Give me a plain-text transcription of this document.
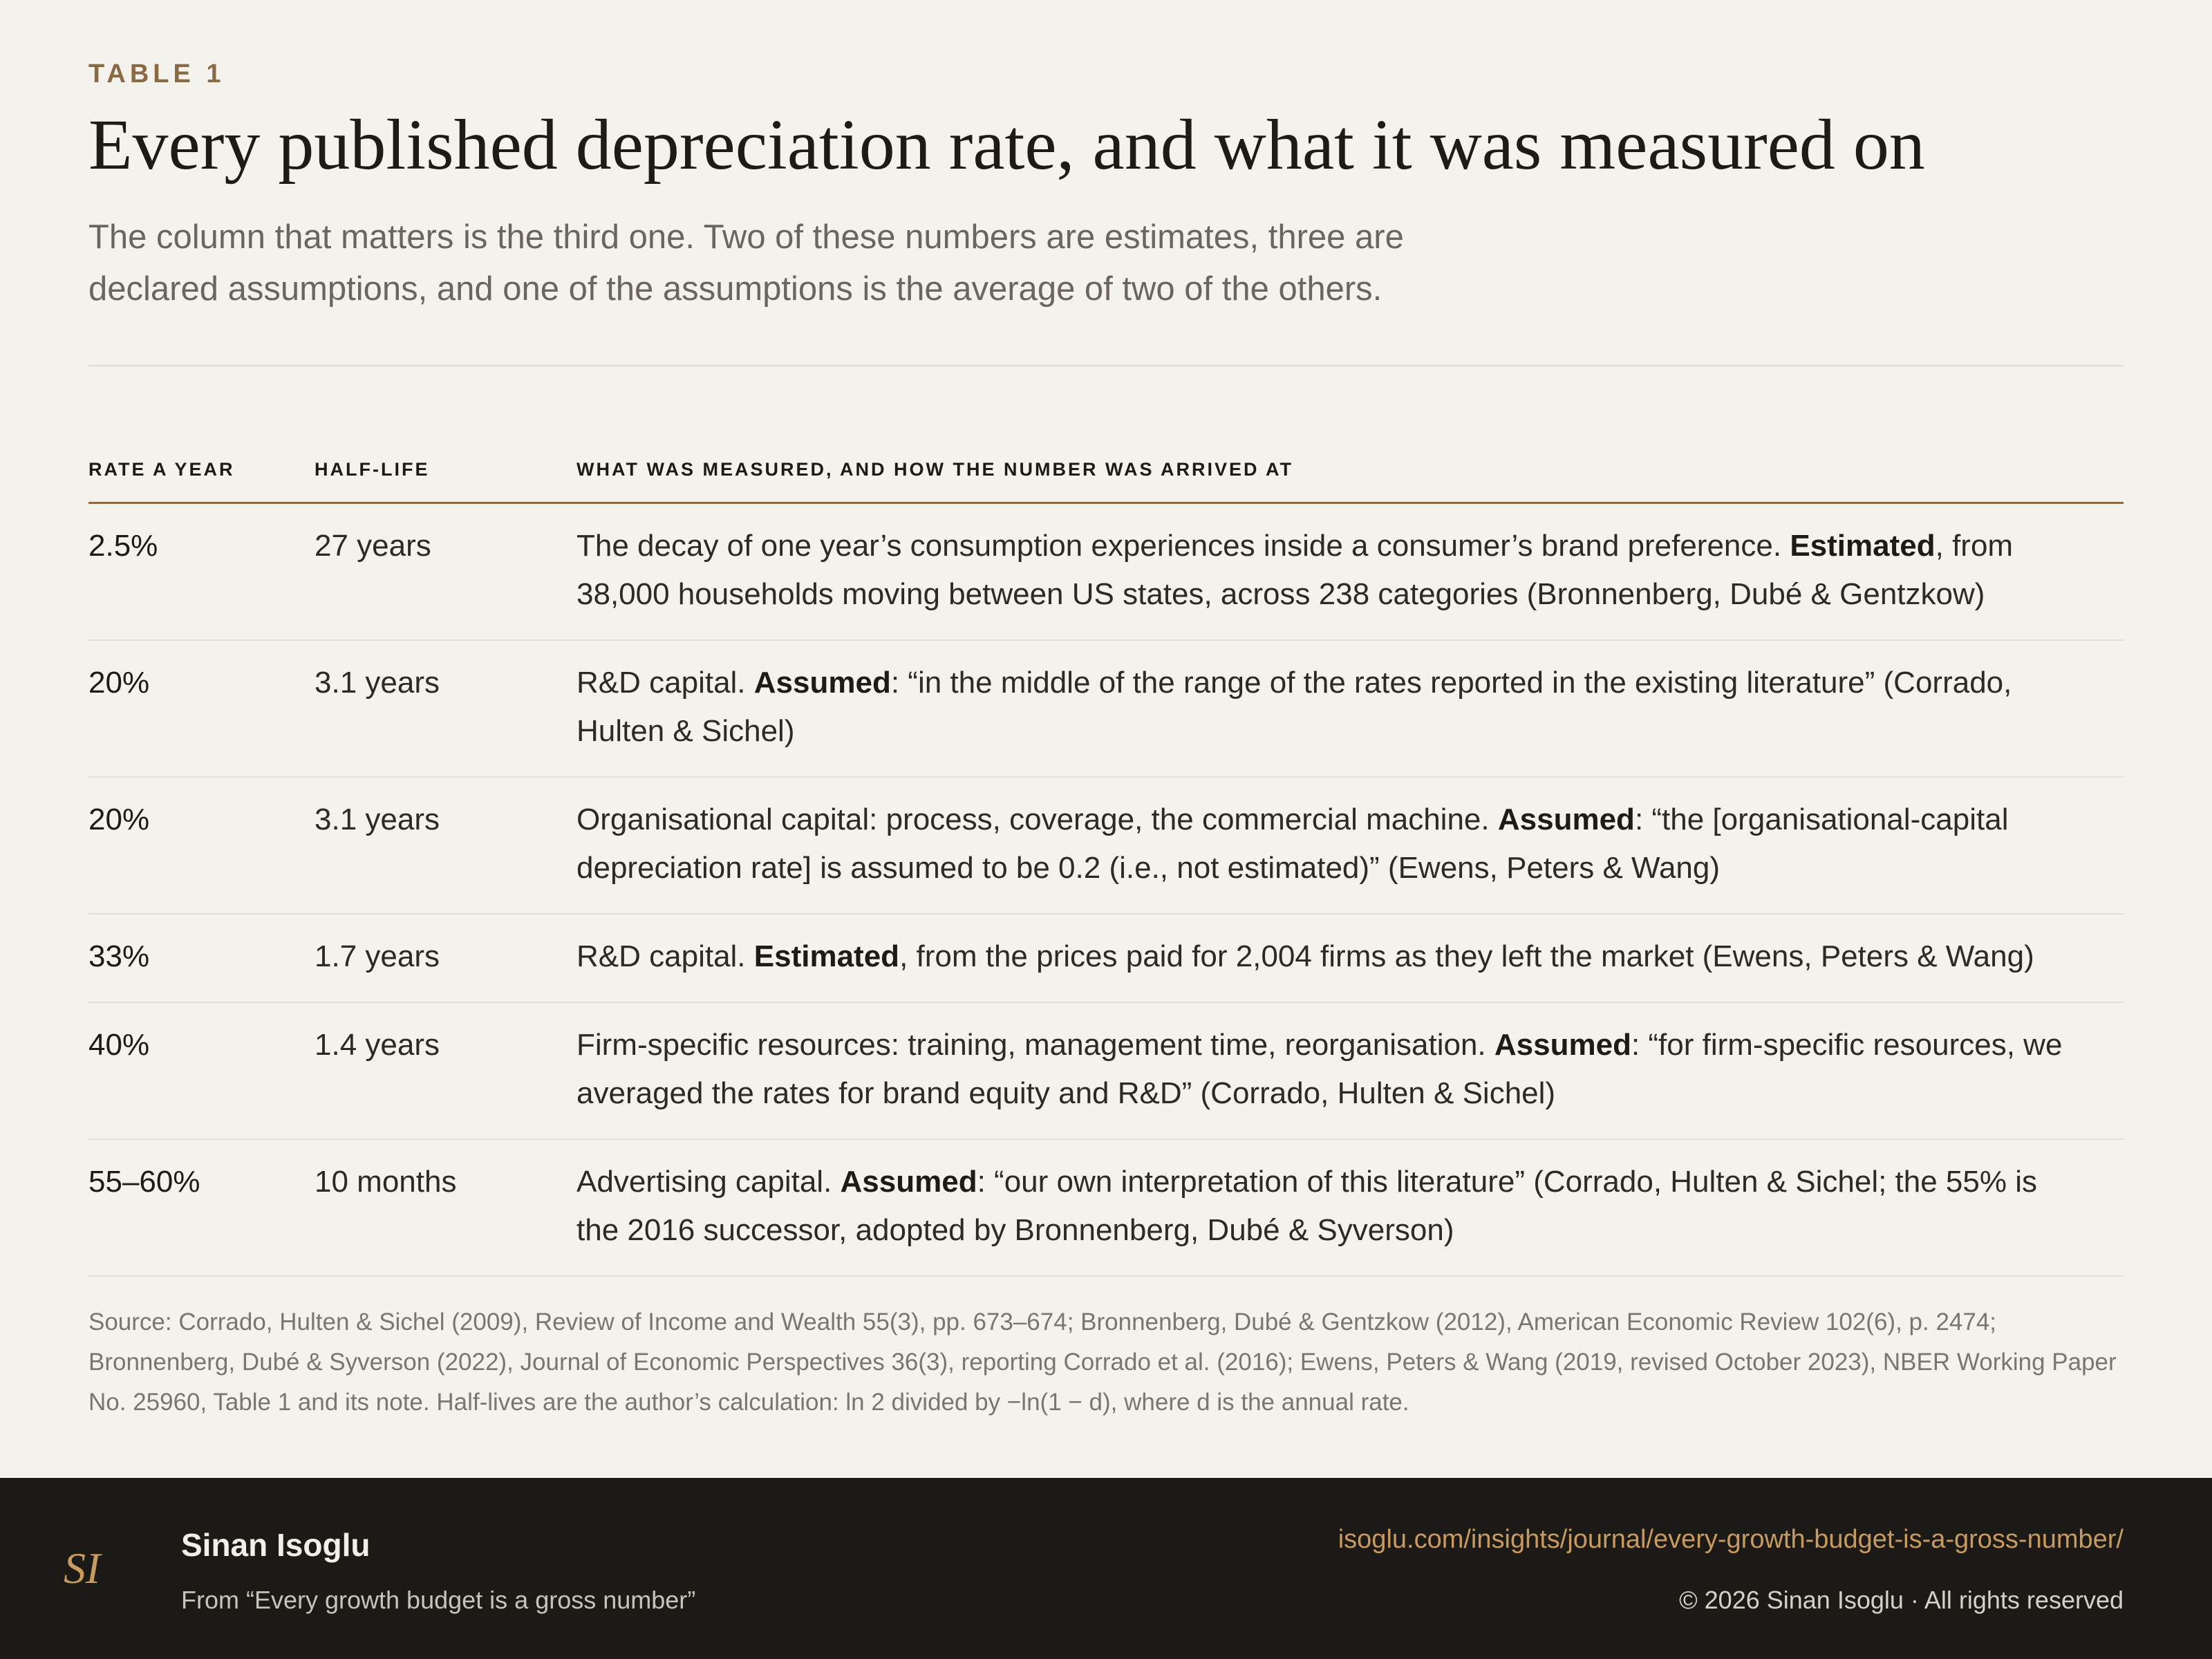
TABLE 1
Every published depreciation rate, and what it was measured on
The column that matters is the third one. Two of these numbers are estimates, three are
declared assumptions, and one of the assumptions is the average of two of the others.
RATE A YEAR	HALF-LIFE	WHAT WAS MEASURED, AND HOW THE NUMBER WAS ARRIVED AT
2.5%	27 years	The decay of one year’s consumption experiences inside a consumer’s brand preference. Estimated, from 38,000 households moving between US states, across 238 categories (Bronnenberg, Dubé & Gentzkow)
20%	3.1 years	R&D capital. Assumed: “in the middle of the range of the rates reported in the existing literature” (Corrado, Hulten & Sichel)
20%	3.1 years	Organisational capital: process, coverage, the commercial machine. Assumed: “the [organisational-capital depreciation rate] is assumed to be 0.2 (i.e., not estimated)” (Ewens, Peters & Wang)
33%	1.7 years	R&D capital. Estimated, from the prices paid for 2,004 firms as they left the market (Ewens, Peters & Wang)
40%	1.4 years	Firm-specific resources: training, management time, reorganisation. Assumed: “for firm-specific resources, we averaged the rates for brand equity and R&D” (Corrado, Hulten & Sichel)
55–60%	10 months	Advertising capital. Assumed: “our own interpretation of this literature” (Corrado, Hulten & Sichel; the 55% is the 2016 successor, adopted by Bronnenberg, Dubé & Syverson)
Source: Corrado, Hulten & Sichel (2009), Review of Income and Wealth 55(3), pp. 673–674; Bronnenberg, Dubé & Gentzkow (2012), American Economic Review 102(6), p. 2474; Bronnenberg, Dubé & Syverson (2022), Journal of Economic Perspectives 36(3), reporting Corrado et al. (2016); Ewens, Peters & Wang (2019, revised October 2023), NBER Working Paper No. 25960, Table 1 and its note. Half-lives are the author’s calculation: ln 2 divided by −ln(1 − d), where d is the annual rate.
SI	Sinan Isoglu
From “Every growth budget is a gross number”
isoglu.com/insights/journal/every-growth-budget-is-a-gross-number/
© 2026 Sinan Isoglu · All rights reserved
